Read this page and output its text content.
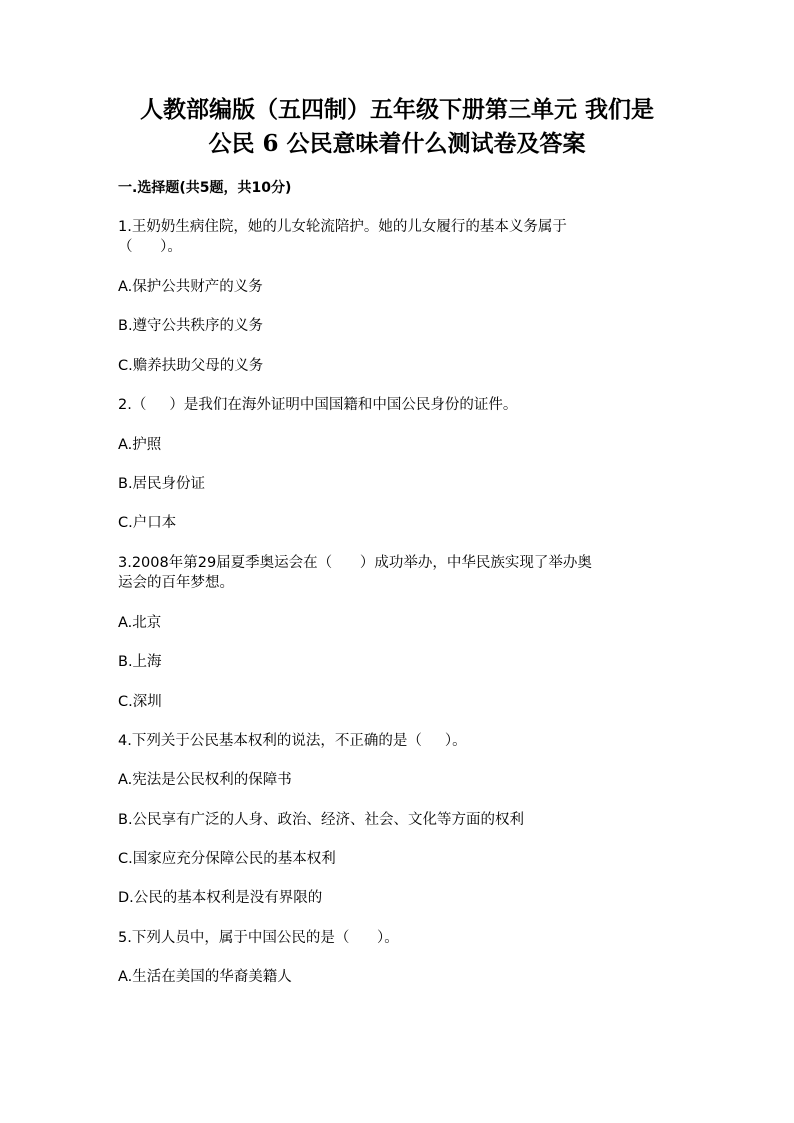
人教部编版（五四制）五年级下册第三单元 我们是
公民 6 公民意味着什么测试卷及答案
一.选择题(共5题，共10分)
1.王奶奶生病住院，她的儿女轮流陪护。她的儿女履行的基本义务属于
（      ）。
A.保护公共财产的义务
B.遵守公共秩序的义务
C.赡养扶助父母的义务
2.（     ）是我们在海外证明中国国籍和中国公民身份的证件。
A.护照
B.居民身份证
C.户口本
3.2008年第29届夏季奥运会在（      ）成功举办，中华民族实现了举办奥
运会的百年梦想。
A.北京
B.上海
C.深圳
4.下列关于公民基本权利的说法，不正确的是（     ）。
A.宪法是公民权利的保障书
B.公民享有广泛的人身、政治、经济、社会、文化等方面的权利
C.国家应充分保障公民的基本权利
D.公民的基本权利是没有界限的
5.下列人员中，属于中国公民的是（      ）。
A.生活在美国的华裔美籍人
